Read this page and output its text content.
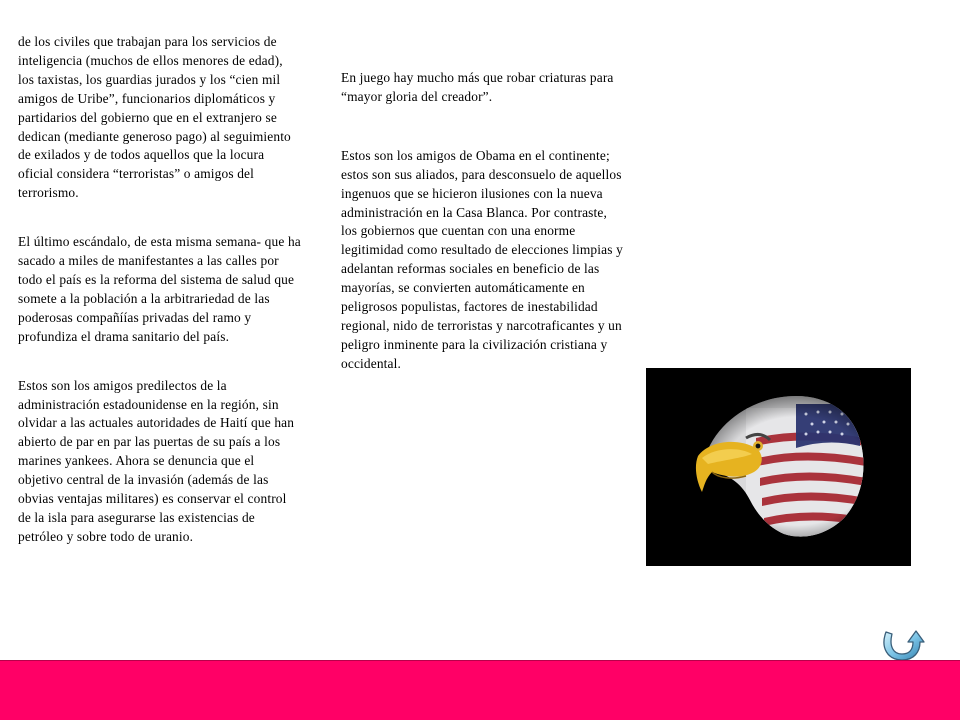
de los civiles que trabajan para los servicios de inteligencia (muchos de ellos menores de edad), los taxistas, los guardias jurados y los “cien mil amigos de Uribe”, funcionarios diplomáticos y partidarios del gobierno que en el extranjero se dedican (mediante generoso pago) al seguimiento de exilados y de todos aquellos que la locura oficial considera “terroristas” o amigos del terrorismo.

El último escándalo, de esta misma semana- que ha sacado a miles de manifestantes a las calles por todo el país es la reforma del sistema de salud que somete a la población a la arbitrariedad de las poderosas compañíías privadas del ramo y profundiza el drama sanitario del país.

Estos son los amigos predilectos de la administración estadounidense en la región, sin olvidar a las actuales autoridades de Haití que han abierto de par en par las puertas de su país a los marines yankees. Ahora se denuncia que el objetivo central de la invasión (además de las obvias ventajas militares) es conservar el control de la isla para asegurarse las existencias de petróleo y sobre todo de uranio.

En juego hay mucho más que robar criaturas para “mayor gloria del creador”.

Estos son los amigos de Obama en el continente; estos son sus aliados, para desconsuelo de aquellos ingenuos que se hicieron ilusiones con la nueva administración en la Casa Blanca. Por contraste, los gobiernos que cuentan con una enorme legitimidad como resultado de elecciones limpias y adelantan reformas sociales en beneficio de las mayorías, se convierten automáticamente en peligrosos populistas, factores de inestabilidad regional, nido de terroristas y narcotraficantes y un peligro inminente para la civilización cristiana y occidental.
